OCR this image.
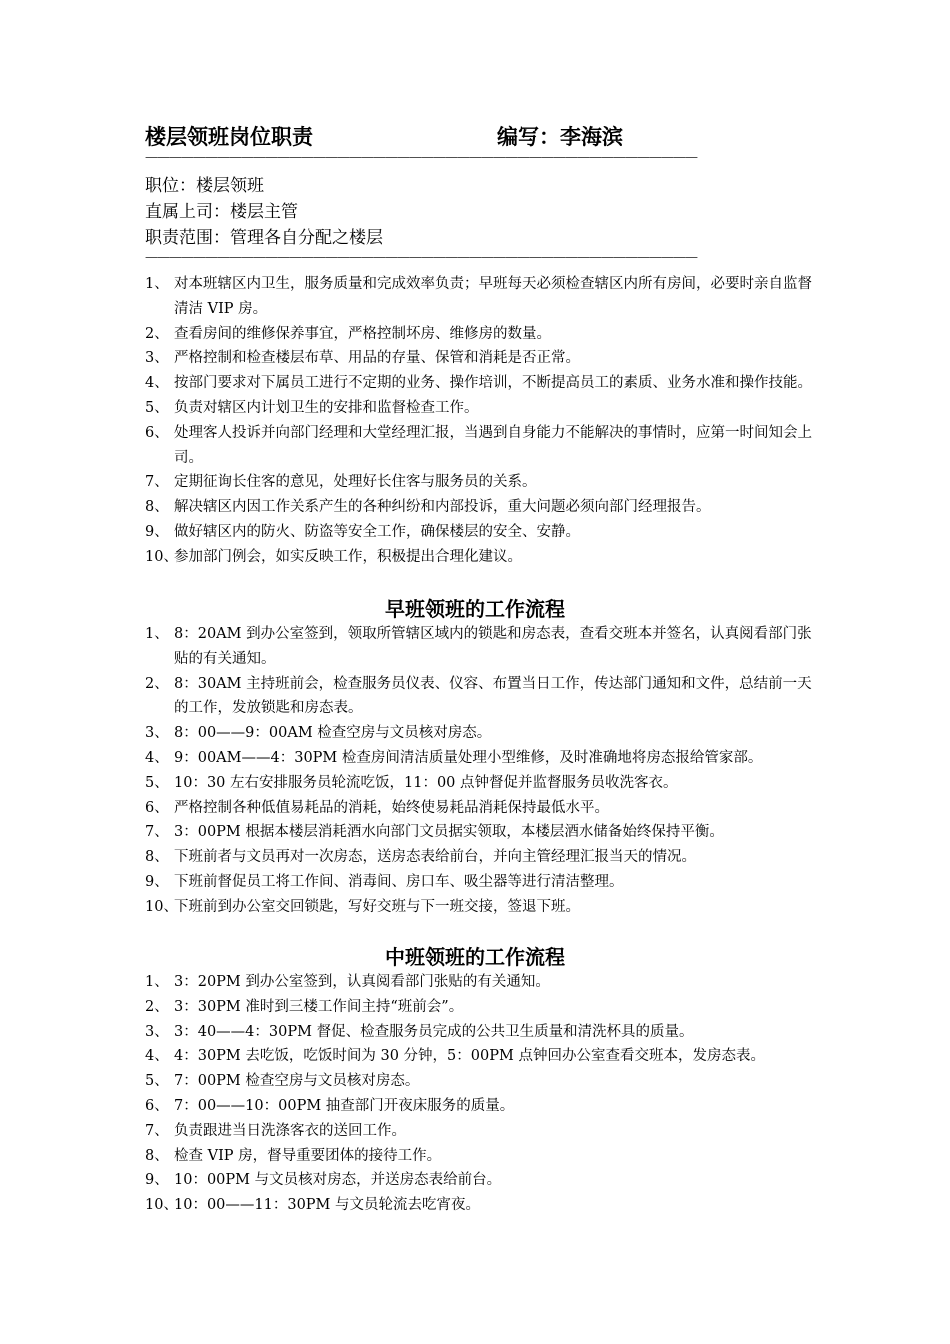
楼层领班岗位职责	编写：李海滨
——————————————————————————————————————————————
职位：楼层领班
直属上司：楼层主管
职责范围：管理各自分配之楼层
——————————————————————————————————————————————
1、 对本班辖区内卫生，服务质量和完成效率负责；早班每天必须检查辖区内所有房间，必要时亲自监督清洁 VIP 房。
2、 查看房间的维修保养事宜，严格控制坏房、维修房的数量。
3、 严格控制和检查楼层布草、用品的存量、保管和消耗是否正常。
4、 按部门要求对下属员工进行不定期的业务、操作培训，不断提高员工的素质、业务水准和操作技能。
5、 负责对辖区内计划卫生的安排和监督检查工作。
6、 处理客人投诉并向部门经理和大堂经理汇报，当遇到自身能力不能解决的事情时，应第一时间知会上司。
7、 定期征询长住客的意见，处理好长住客与服务员的关系。
8、 解决辖区内因工作关系产生的各种纠纷和内部投诉，重大问题必须向部门经理报告。
9、 做好辖区内的防火、防盗等安全工作，确保楼层的安全、安静。
10、
参加部门例会，如实反映工作，积极提出合理化建议。
早班领班的工作流程
1、 8：20AM 到办公室签到，领取所管辖区域内的锁匙和房态表，查看交班本并签名，认真阅看部门张贴的有关通知。
2、 8：30AM 主持班前会，检查服务员仪表、仪容、布置当日工作，传达部门通知和文件，总结前一天的工作，发放锁匙和房态表。
3、 8：00——9：00AM 检查空房与文员核对房态。
4、 9：00AM——4：30PM 检查房间清洁质量处理小型维修，及时准确地将房态报给管家部。
5、 10：30 左右安排服务员轮流吃饭，11：00 点钟督促并监督服务员收洗客衣。
6、 严格控制各种低值易耗品的消耗，始终使易耗品消耗保持最低水平。
7、 3：00PM 根据本楼层消耗酒水向部门文员据实领取，本楼层酒水储备始终保持平衡。
8、 下班前者与文员再对一次房态，送房态表给前台，并向主管经理汇报当天的情况。
9、 下班前督促员工将工作间、消毒间、房口车、吸尘器等进行清洁整理。
10、
下班前到办公室交回锁匙，写好交班与下一班交接，签退下班。
中班领班的工作流程
1、 3：20PM 到办公室签到，认真阅看部门张贴的有关通知。
2、 3：30PM 准时到三楼工作间主持“班前会”。
3、 3：40——4：30PM 督促、检查服务员完成的公共卫生质量和清洗杯具的质量。
4、 4：30PM 去吃饭，吃饭时间为 30 分钟，5：00PM 点钟回办公室查看交班本，发房态表。
5、 7：00PM 检查空房与文员核对房态。
6、 7：00——10：00PM 抽查部门开夜床服务的质量。
7、 负责跟进当日洗涤客衣的送回工作。
8、 检查 VIP 房，督导重要团体的接待工作。
9、 10：00PM 与文员核对房态，并送房态表给前台。
10、
10：00——11：30PM 与文员轮流去吃宵夜。
